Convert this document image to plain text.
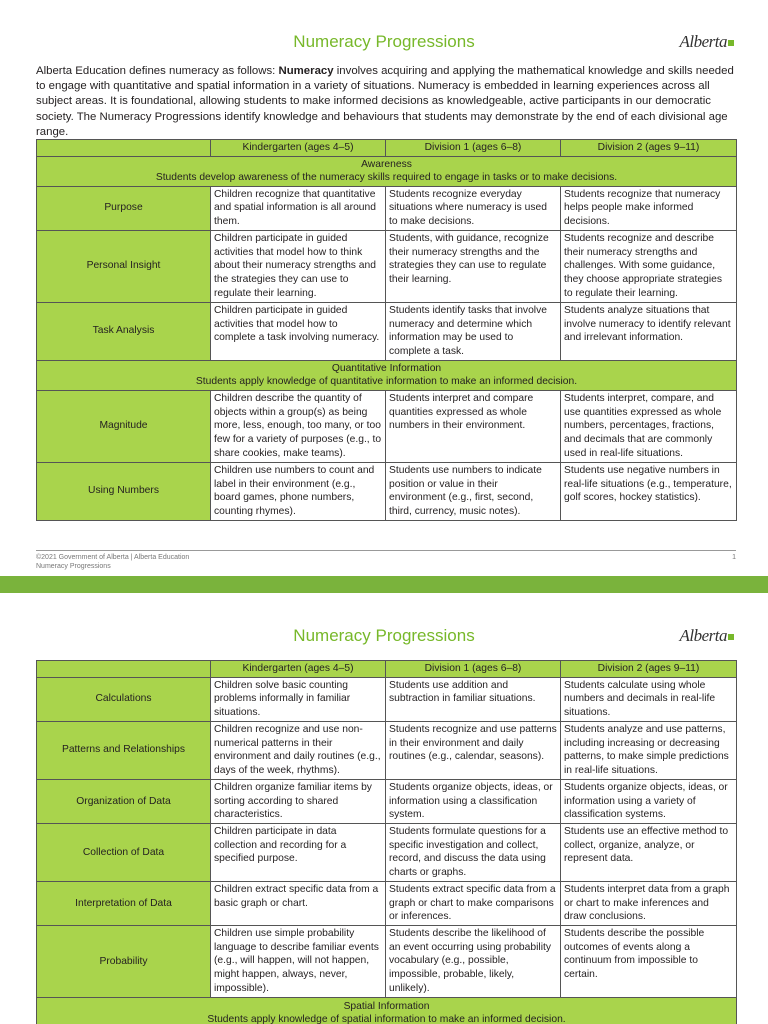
Numeracy Progressions	Alberta
Alberta Education defines numeracy as follows: Numeracy involves acquiring and applying the mathematical knowledge and skills needed to engage with quantitative and spatial information in a variety of situations. Numeracy is embedded in learning experiences across all subject areas. It is foundational, allowing students to make informed decisions as knowledgeable, active participants in our democratic society. The Numeracy Progressions identify knowledge and behaviours that students may demonstrate by the end of each divisional age range.
	Kindergarten (ages 4–5)	Division 1 (ages 6–8)	Division 2 (ages 9–11)

Awareness
Students develop awareness of the numeracy skills required to engage in tasks or to make decisions.			

Purpose	Children recognize that quantitative and spatial information is all around them.	Students recognize everyday situations where numeracy is used to make decisions.	Students recognize that numeracy helps people make informed decisions.
Personal Insight	Children participate in guided activities that model how to think about their numeracy strengths and the strategies they can use to regulate their learning.	Students, with guidance, recognize their numeracy strengths and the strategies they can use to regulate their learning.	Students recognize and describe their numeracy strengths and challenges. With some guidance, they choose appropriate strategies to regulate their learning.
Task Analysis	Children participate in guided activities that model how to complete a task involving numeracy.	Students identify tasks that involve numeracy and determine which information may be used to complete a task.	Students analyze situations that involve numeracy to identify relevant and irrelevant information.

Quantitative Information
Students apply knowledge of quantitative information to make an informed decision.			

Magnitude	Children describe the quantity of objects within a group(s) as being more, less, enough, too many, or too few for a variety of purposes (e.g., to share cookies, make teams).	Students interpret and compare quantities expressed as whole numbers in their environment.	Students interpret, compare, and use quantities expressed as whole numbers, percentages, fractions, and decimals that are commonly used in real-life situations.
Using Numbers	Children use numbers to count and label in their environment (e.g., board games, phone numbers, counting rhymes).	Students use numbers to indicate position or value in their environment (e.g., first, second, third, currency, music notes).	Students use negative numbers in real-life situations (e.g., temperature, golf scores, hockey statistics).
©2021 Government of Alberta | Alberta Education
Numeracy Progressions
1
Numeracy Progressions	Alberta
	Kindergarten (ages 4–5)	Division 1 (ages 6–8)	Division 2 (ages 9–11)
Calculations	Children solve basic counting problems informally in familiar situations.	Students use addition and subtraction in familiar situations.	Students calculate using whole numbers and decimals in real-life situations.
Patterns and Relationships	Children recognize and use non-numerical patterns in their environment and daily routines (e.g., days of the week, rhythms).	Students recognize and use patterns in their environment and daily routines (e.g., calendar, seasons).	Students analyze and use patterns, including increasing or decreasing patterns, to make simple predictions in real-life situations.
Organization of Data	Children organize familiar items by sorting according to shared characteristics.	Students organize objects, ideas, or information using a classification system.	Students organize objects, ideas, or information using a variety of classification systems.
Collection of Data	Children participate in data collection and recording for a specified purpose.	Students formulate questions for a specific investigation and collect, record, and discuss the data using charts or graphs.	Students use an effective method to collect, organize, analyze, or represent data.
Interpretation of Data	Children extract specific data from a basic graph or chart.	Students extract specific data from a graph or chart to make comparisons or inferences.	Students interpret data from a graph or chart to make inferences and draw conclusions.
Probability	Children use simple probability language to describe familiar events (e.g., will happen, will not happen, might happen, always, never, impossible).	Students describe the likelihood of an event occurring using probability vocabulary (e.g., possible, impossible, probable, likely, unlikely).	Students describe the possible outcomes of events along a continuum from impossible to certain.

Spatial Information
Students apply knowledge of spatial information to make an informed decision.			
